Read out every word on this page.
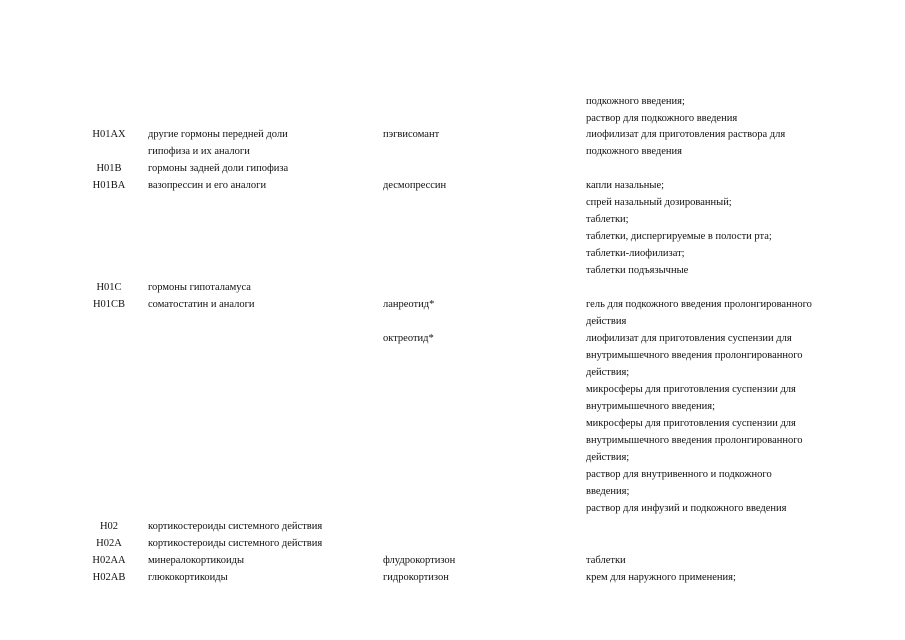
подкожного введения;
раствор для подкожного введения
H01AX	другие гормоны передней доли
гипофиза и их аналоги
пэгвисомант	лиофилизат для приготовления раствора для
подкожного введения
H01B	гормоны задней доли гипофиза
H01BA	вазопрессин и его аналоги	десмопрессин	капли назальные;
спрей назальный дозированный;
таблетки;
таблетки, диспергируемые в полости рта;
таблетки-лиофилизат;
таблетки подъязычные
H01C	гормоны гипоталамуса
H01CB	соматостатин и аналоги	ланреотид*	гель для подкожного введения пролонгированного
действия
октреотид*	лиофилизат для приготовления суспензии для
внутримышечного введения пролонгированного
действия;
микросферы для приготовления суспензии для
внутримышечного введения;
микросферы для приготовления суспензии для
внутримышечного введения пролонгированного
действия;
раствор для внутривенного и подкожного
введения;
раствор для инфузий и подкожного введения
H02	кортикостероиды системного действия
H02A	кортикостероиды системного действия
H02AA	минералокортикоиды	флудрокортизон	таблетки
H02AB	глюкокортикоиды	гидрокортизон	крем для наружного применения;
